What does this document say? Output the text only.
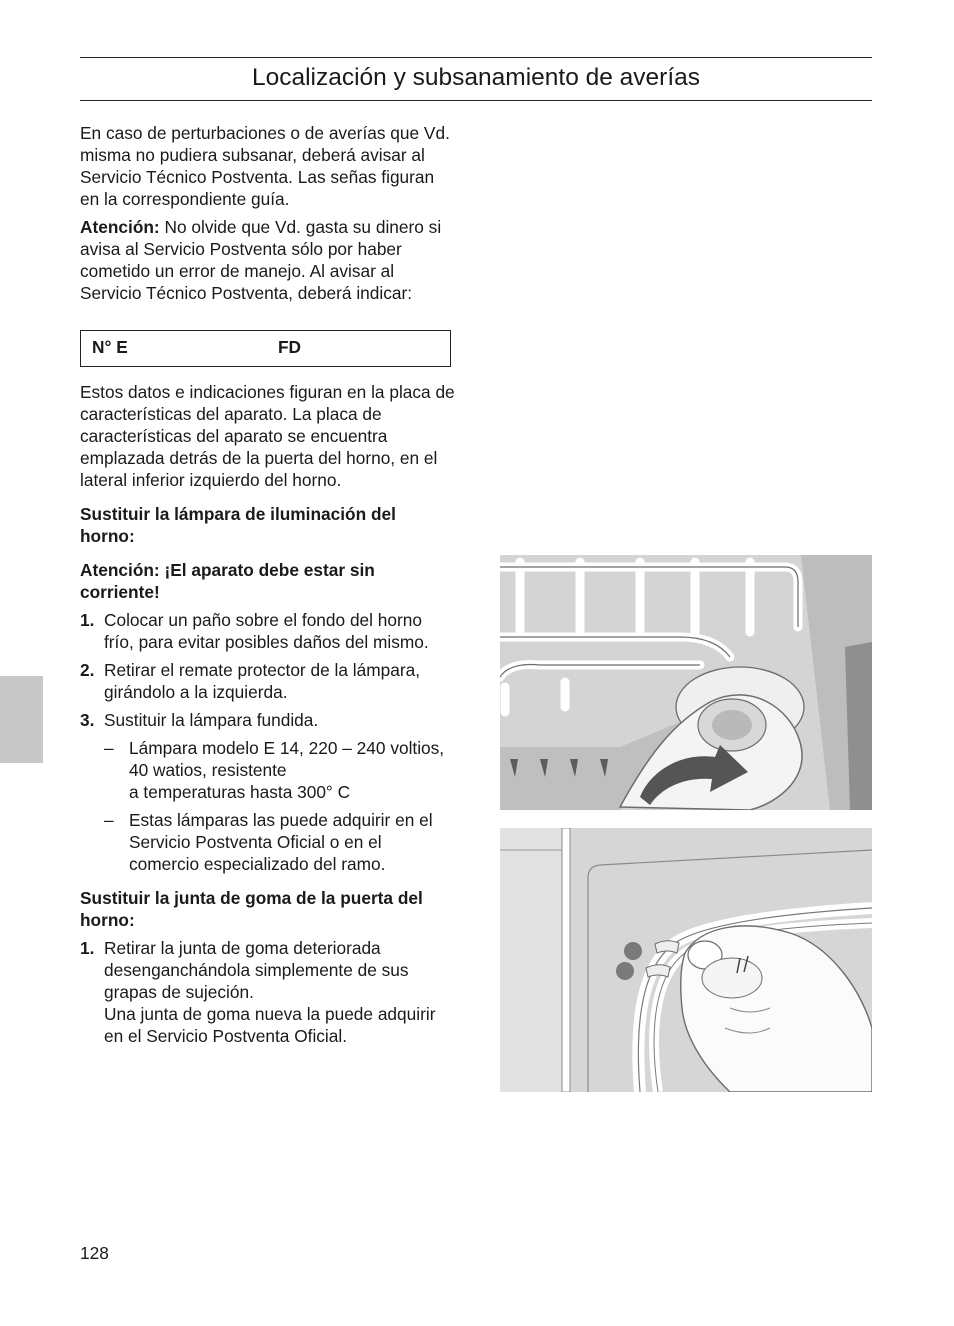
Localización y subsanamiento de averías

En caso de perturbaciones o de averías que Vd. misma no pudiera subsanar, deberá avisar al Servicio Técnico Postventa. Las señas figuran en la correspondiente guía.

Atención: No olvide que Vd. gasta su dinero si avisa al Servicio Postventa sólo por haber cometido un error de manejo. Al avisar al Servicio Técnico Postventa, deberá indicar:

N° E	FD

Estos datos e indicaciones figuran en la placa de características del aparato. La placa de características del aparato se encuentra emplazada detrás de la puerta del horno, en el lateral inferior izquierdo del horno.

Sustituir la lámpara de iluminación del horno:

Atención: ¡El aparato debe estar sin corriente!

1. Colocar un paño sobre el fondo del horno frío, para evitar posibles daños del mismo.
2. Retirar el remate protector de la lámpara, girándolo a la izquierda.
3. Sustituir la lámpara fundida.
– Lámpara modelo E 14, 220 – 240 voltios, 40 watios, resistente
a temperaturas hasta 300° C
– Estas lámparas las puede adquirir en el Servicio Postventa Oficial o en el comercio especializado del ramo.

Sustituir la junta de goma de la puerta del horno:

1. Retirar la junta de goma deteriorada desenganchándola simplemente de sus grapas de sujeción.
Una junta de goma nueva la puede adquirir en el Servicio Postventa Oficial.
128
